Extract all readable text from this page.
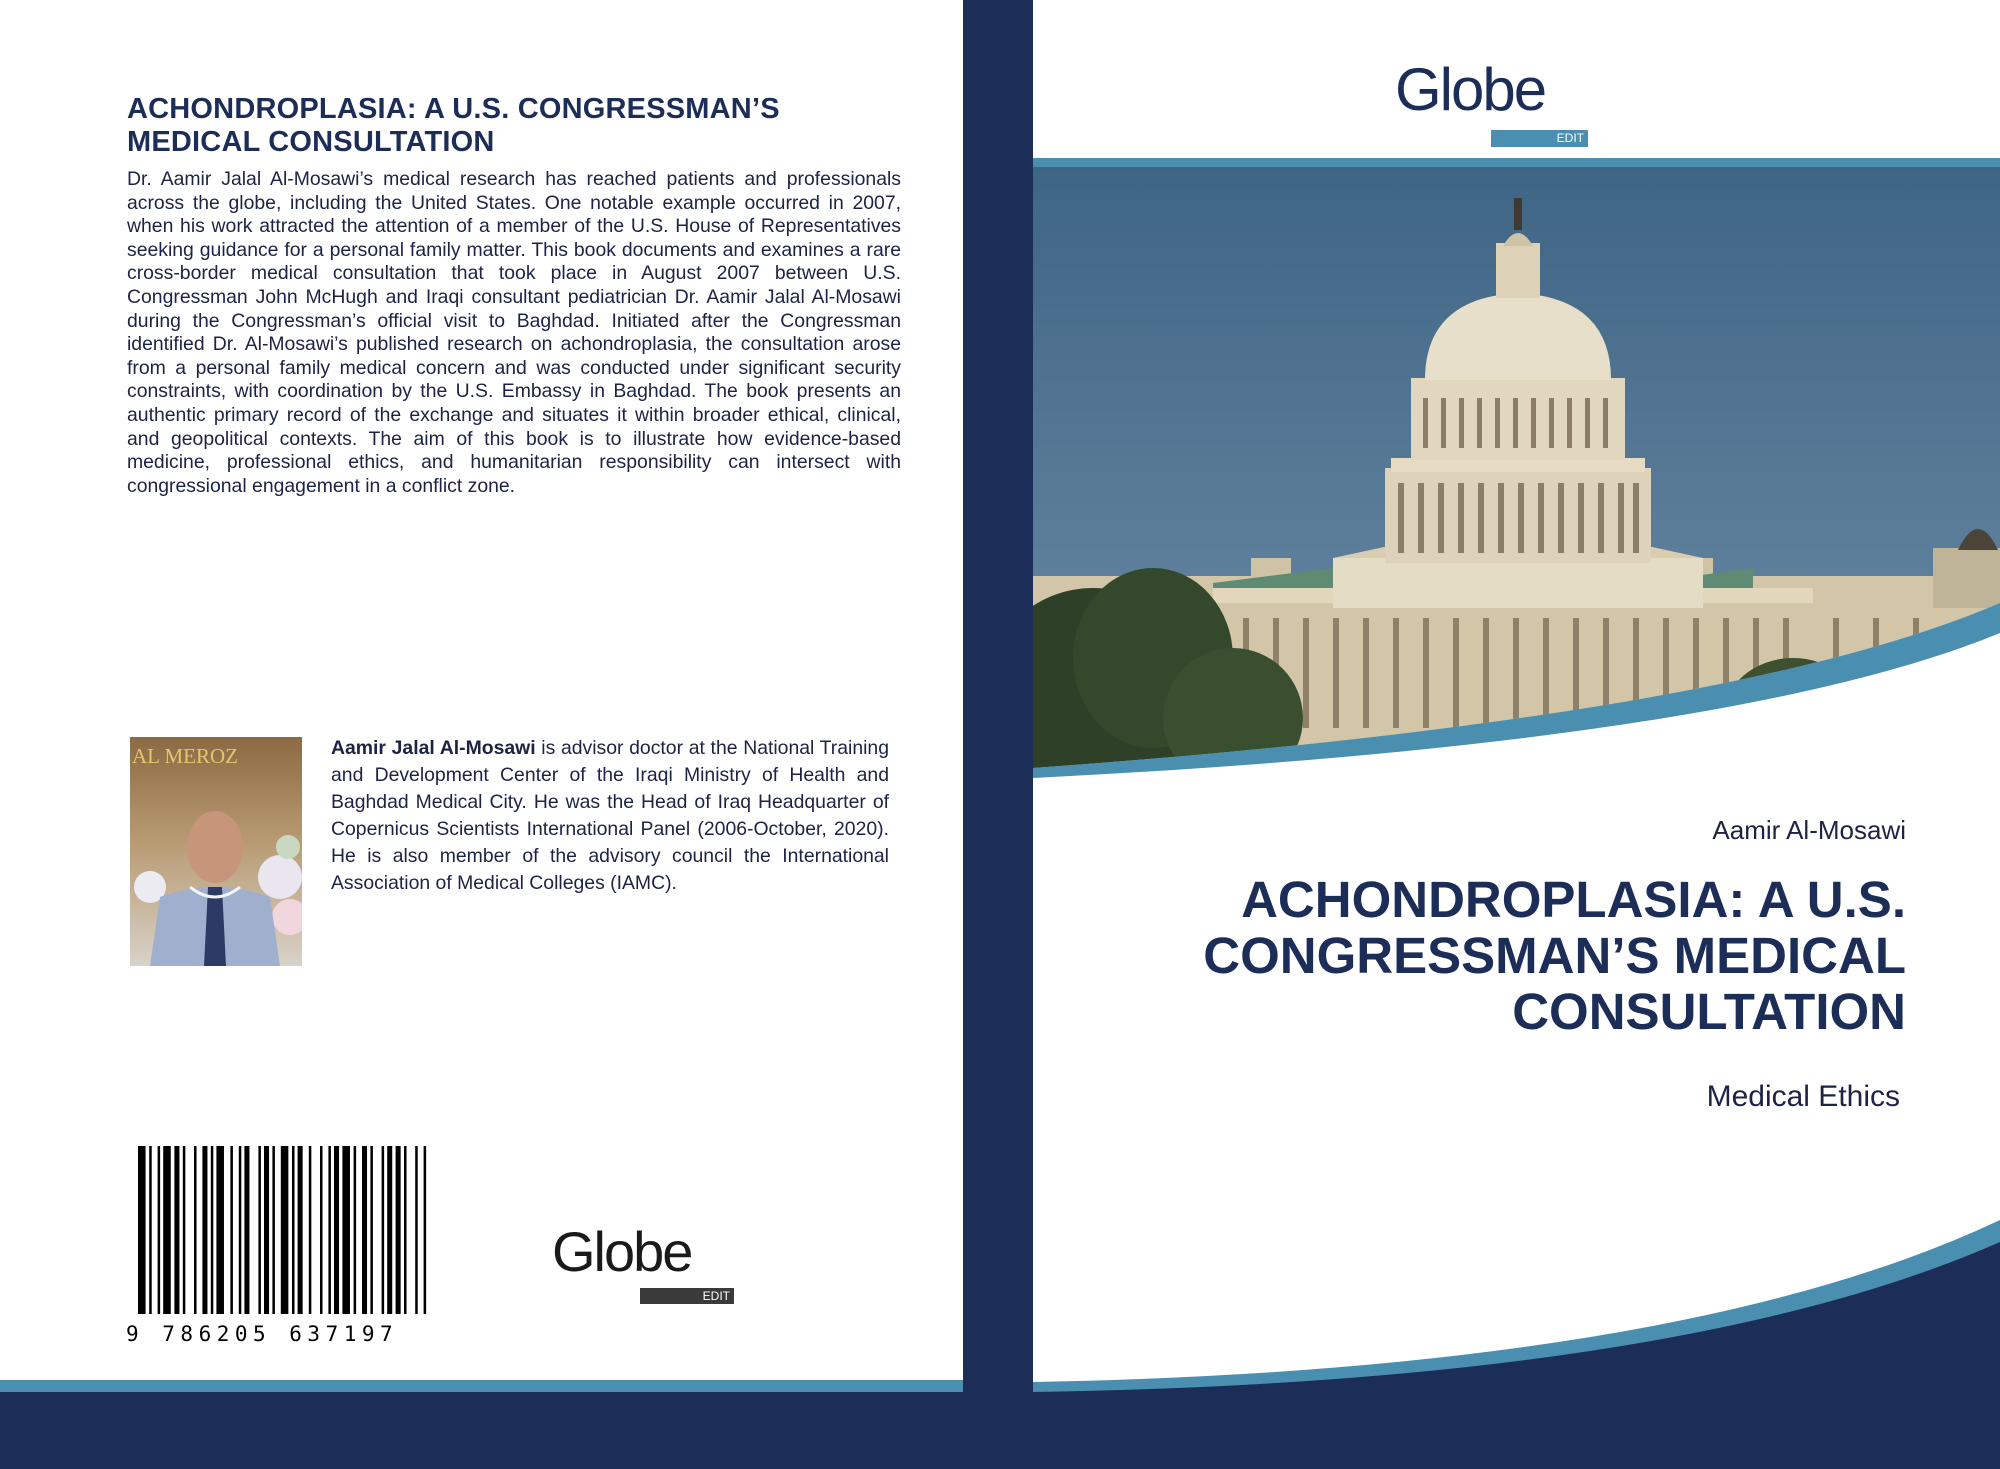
ACHONDROPLASIA: A U.S. CONGRESSMAN’S
MEDICAL CONSULTATION
Dr. Aamir Jalal Al-Mosawi’s medical research has reached patients and professionals across the globe, including the United States. One notable example occurred in 2007, when his work attracted the attention of a member of the U.S. House of Representatives seeking guidance for a personal family matter. This book documents and examines a rare cross-border medical consultation that took place in August 2007 between U.S. Congressman John McHugh and Iraqi consultant pediatrician Dr. Aamir Jalal Al-Mosawi during the Congressman’s official visit to Baghdad. Initiated after the Congressman identified Dr. Al-Mosawi’s published research on achondroplasia, the consultation arose from a personal family medical concern and was conducted under significant security constraints, with coordination by the U.S. Embassy in Baghdad. The book presents an authentic primary record of the exchange and situates it within broader ethical, clinical, and geopolitical contexts. The aim of this book is to illustrate how evidence-based medicine, professional ethics, and humanitarian responsibility can intersect with congressional engagement in a conflict zone.
AL MEROZ	Aamir Jalal Al-Mosawi is advisor doctor at the National Training and Development Center of the Iraqi Ministry of Health and Baghdad Medical City. He was the Head of Iraq Headquarter of Copernicus Scientists International Panel (2006-October, 2020). He is also member of the advisory council the International Association of Medical Colleges (IAMC).
9 786205 637197
Globe
EDIT
Globe
EDIT
Aamir Al-Mosawi
ACHONDROPLASIA: A U.S.
CONGRESSMAN’S MEDICAL
CONSULTATION
Medical Ethics
